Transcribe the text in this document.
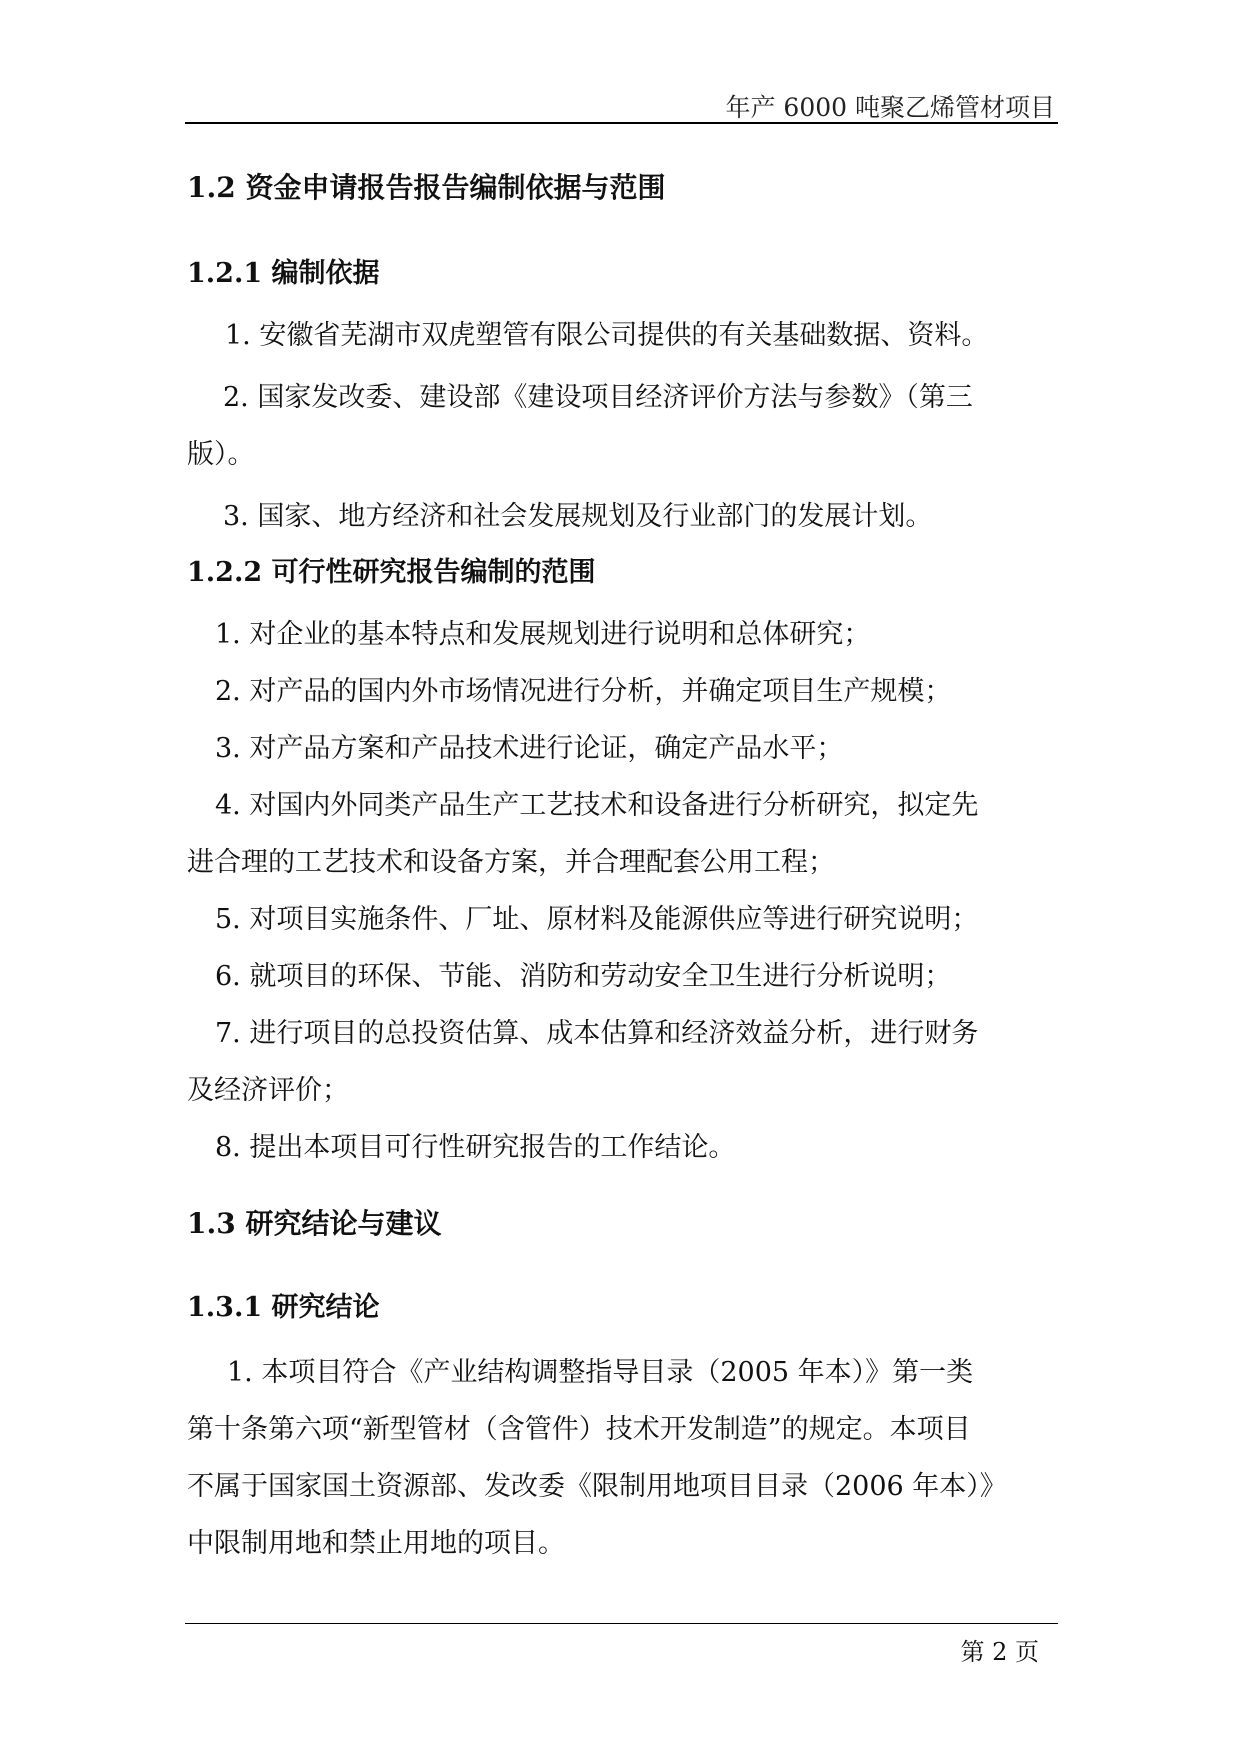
年产 6000 吨聚乙烯管材项目
1.2 资金申请报告报告编制依据与范围
1.2.1 编制依据
1. 安徽省芜湖市双虎塑管有限公司提供的有关基础数据、资料。
2. 国家发改委、建设部《建设项目经济评价方法与参数》（第三
版）。
3. 国家、地方经济和社会发展规划及行业部门的发展计划。
1.2.2 可行性研究报告编制的范围
1. 对企业的基本特点和发展规划进行说明和总体研究；
2. 对产品的国内外市场情况进行分析，并确定项目生产规模；
3. 对产品方案和产品技术进行论证，确定产品水平；
4. 对国内外同类产品生产工艺技术和设备进行分析研究，拟定先
进合理的工艺技术和设备方案，并合理配套公用工程；
5. 对项目实施条件、厂址、原材料及能源供应等进行研究说明；
6. 就项目的环保、节能、消防和劳动安全卫生进行分析说明；
7. 进行项目的总投资估算、成本估算和经济效益分析，进行财务
及经济评价；
8. 提出本项目可行性研究报告的工作结论。
1.3 研究结论与建议
1.3.1 研究结论
1. 本项目符合《产业结构调整指导目录（2005 年本）》第一类
第十条第六项“新型管材（含管件）技术开发制造”的规定。本项目
不属于国家国土资源部、发改委《限制用地项目目录（2006 年本）》
中限制用地和禁止用地的项目。
第 2 页
